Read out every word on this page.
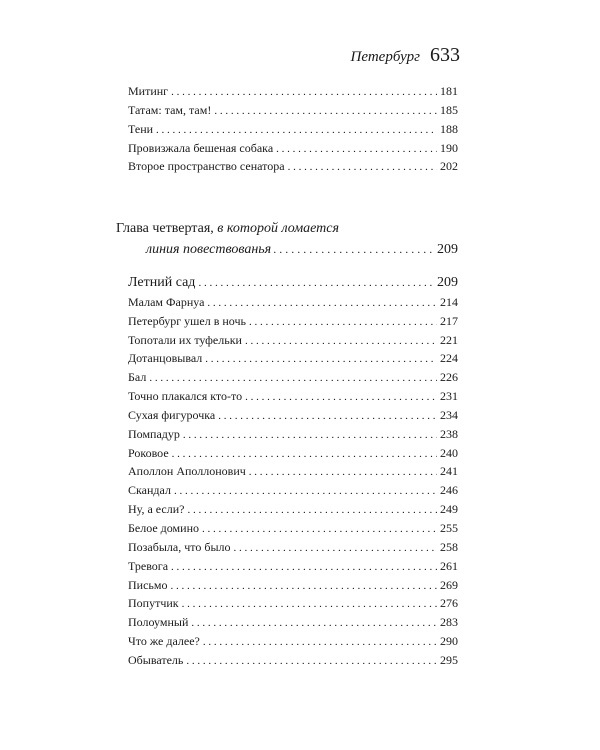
Петербург 633
Митинг . . .	181
Татам: там, там! . . .	185
Тени . . .	188
Провизжала бешеная собака . . .	190
Второе пространство сенатора . . .	202
Глава четвертая, в которой ломается
линия повествованья . . .	209
Летний сад . . .	209
Малам Фарнуа . . .	214
Петербург ушел в ночь . . .	217
Топотали их туфельки . . .	221
Дотанцовывал . . .	224
Бал . . .	226
Точно плакался кто-то . . .	231
Сухая фигурочка . . .	234
Помпадур . . .	238
Роковое . . .	240
Аполлон Аполлонович . . .	241
Скандал . . .	246
Ну, а если? . . .	249
Белое домино . . .	255
Позабыла, что было . . .	258
Тревога . . .	261
Письмо . . .	269
Попутчик . . .	276
Полоумный . . .	283
Что же далее? . . .	290
Обыватель . . .	295
